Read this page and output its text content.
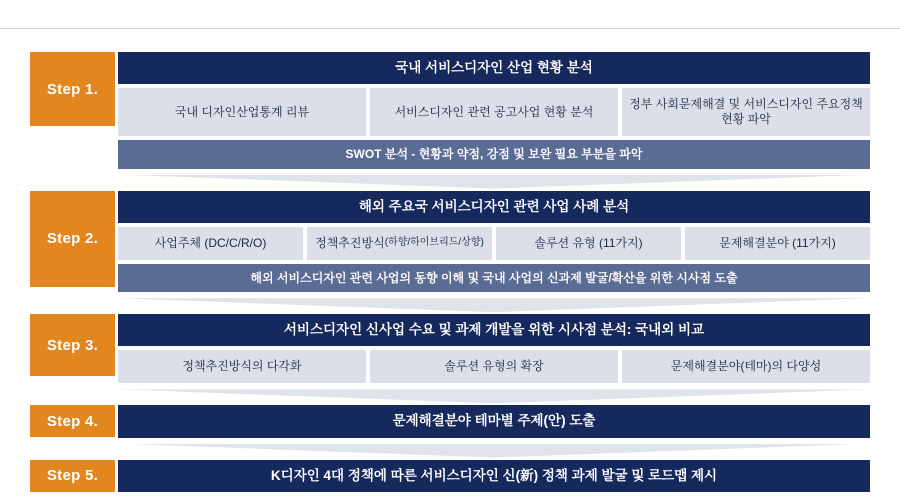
Step 1.
국내 서비스디자인 산업 현황 분석
국내 디자인산업통계 리뷰	서비스디자인 관련 공고사업 현황 분석
정부 사회문제해결 및 서비스디자인 주요정책 현황 파악
SWOT 분석 - 현황과 약점, 강점 및 보완 필요 부분을 파악
Step 2.
해외 주요국 서비스디자인 관련 사업 사례 분석
사업주체 (DC/C/R/O)	정책추진방식 (하향/하이브리드/상향)	솔루션 유형 (11가지)	문제해결분야 (11가지)
해외 서비스디자인 관련 사업의 동향 이해 및 국내 사업의 신과제 발굴/확산을 위한 시사점 도출
Step 3.
서비스디자인 신사업 수요 및 과제 개발을 위한 시사점 분석: 국내외 비교
정책추진방식의 다각화	솔루션 유형의 확장	문제해결분야(테마)의 다양성
Step 4.	문제해결분야 테마별 주제(안) 도출
Step 5.	K디자인 4대 정책에 따른 서비스디자인 신(新) 정책 과제 발굴 및 로드맵 제시
